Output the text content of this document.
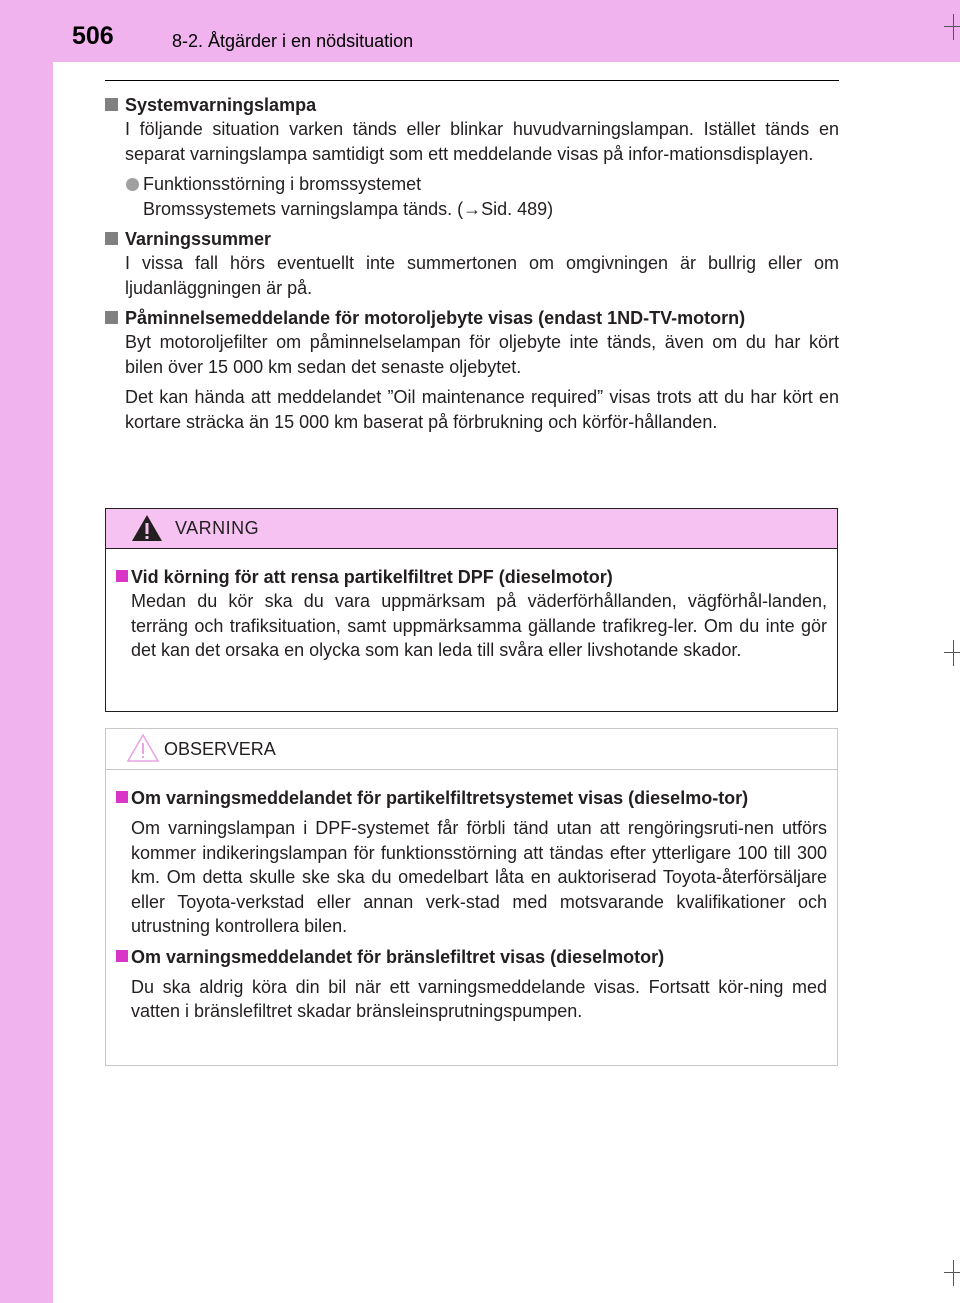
506	8-2. Åtgärder i en nödsituation

Systemvarningslampa

I följande situation varken tänds eller blinkar huvudvarningslampan. Istället tänds en separat varningslampa samtidigt som ett meddelande visas på infor-mationsdisplayen.

Funktionsstörning i bromssystemet

Bromssystemets varningslampa tänds. (→Sid. 489)

Varningssummer

I vissa fall hörs eventuellt inte summertonen om omgivningen är bullrig eller om ljudanläggningen är på.

Påminnelsemeddelande för motoroljebyte visas (endast 1ND-TV-motorn)

Byt motoroljefilter om påminnelselampan för oljebyte inte tänds, även om du har kört bilen över 15 000 km sedan det senaste oljebytet.

Det kan hända att meddelandet ”Oil maintenance required” visas trots att du har kört en kortare sträcka än 15 000 km baserat på förbrukning och körför-hållanden.

VARNING

Vid körning för att rensa partikelfiltret DPF (dieselmotor)

Medan du kör ska du vara uppmärksam på väderförhållanden, vägförhål-landen, terräng och trafiksituation, samt uppmärksamma gällande trafikreg-ler. Om du inte gör det kan det orsaka en olycka som kan leda till svåra eller livshotande skador.

OBSERVERA

Om varningsmeddelandet för partikelfiltretsystemet visas (dieselmo-tor)

Om varningslampan i DPF-systemet får förbli tänd utan att rengöringsruti-nen utförs kommer indikeringslampan för funktionsstörning att tändas efter ytterligare 100 till 300 km. Om detta skulle ske ska du omedelbart låta en auktoriserad Toyota-återförsäljare eller Toyota-verkstad eller annan verk-stad med motsvarande kvalifikationer och utrustning kontrollera bilen.

Om varningsmeddelandet för bränslefiltret visas (dieselmotor)

Du ska aldrig köra din bil när ett varningsmeddelande visas. Fortsatt kör-ning med vatten i bränslefiltret skadar bränsleinsprutningspumpen.
